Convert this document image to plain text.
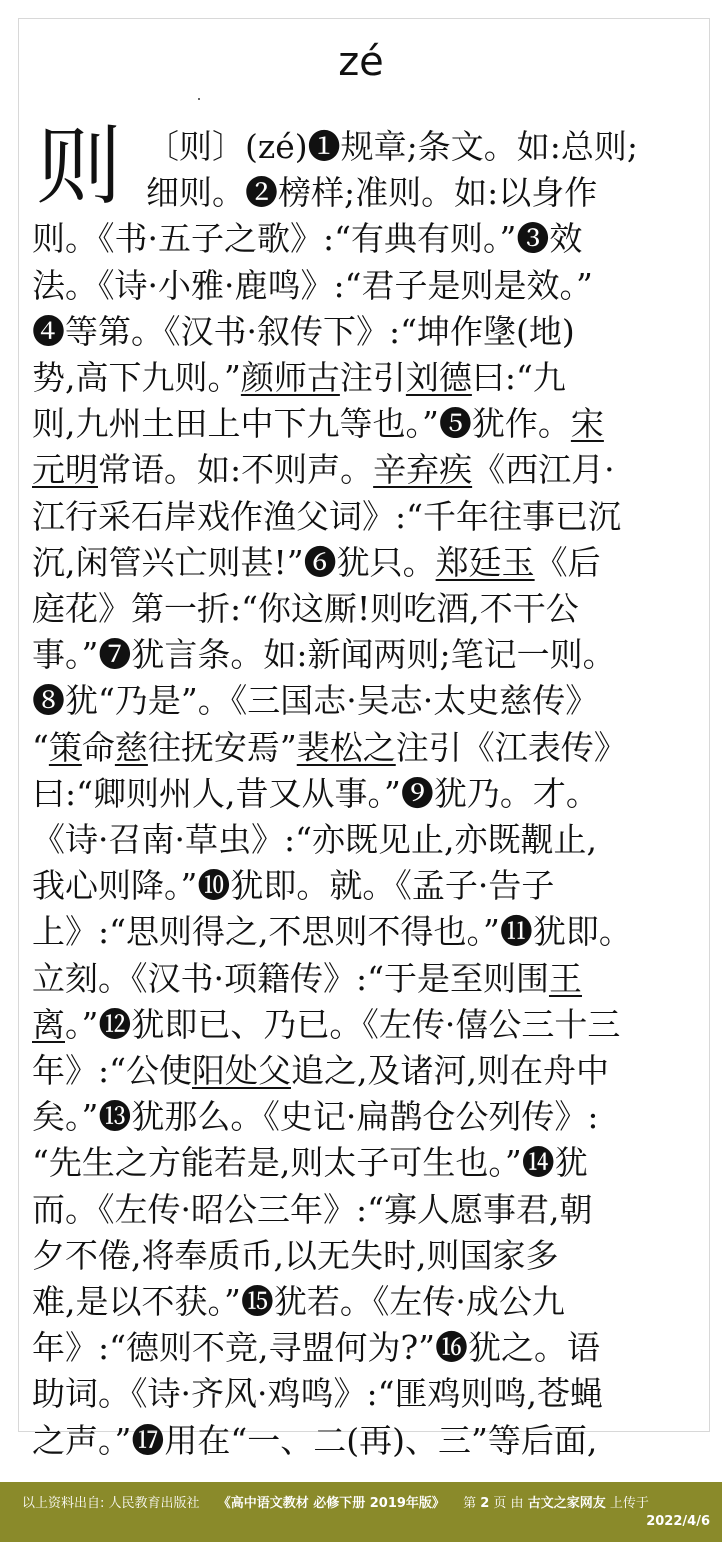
zé
则 〔则〕(zé)❶规章;条文。如:总则;
细则。❷榜样;准则。如:以身作
则。《书·五子之歌》:“有典有则。”❸效
法。《诗·小雅·鹿鸣》:“君子是则是效。”
❹等第。《汉书·叙传下》:“坤作墬(地)
势,高下九则。”颜师古注引刘德曰:“九
则,九州土田上中下九等也。”❺犹作。宋
元明常语。如:不则声。辛弃疾《西江月·
江行采石岸戏作渔父词》:“千年往事已沉
沉,闲管兴亡则甚!”❻犹只。郑廷玉《后
庭花》第一折:“你这厮!则吃酒,不干公
事。”❼犹言条。如:新闻两则;笔记一则。
❽犹“乃是”。《三国志·吴志·太史慈传》
“策命慈往抚安焉”裴松之注引《江表传》
曰:“卿则州人,昔又从事。”❾犹乃。才。
《诗·召南·草虫》:“亦既见止,亦既觏止,
我心则降。”❿犹即。就。《孟子·告子
上》:“思则得之,不思则不得也。”⓫犹即。
立刻。《汉书·项籍传》:“于是至则围王
离。”⓬犹即已、乃已。《左传·僖公三十三
年》:“公使阳处父追之,及诸河,则在舟中
矣。”⓭犹那么。《史记·扁鹊仓公列传》:
“先生之方能若是,则太子可生也。”⓮犹
而。《左传·昭公三年》:“寡人愿事君,朝
夕不倦,将奉质币,以无失时,则国家多
难,是以不获。”⓯犹若。《左传·成公九
年》:“德则不竞,寻盟何为?”⓰犹之。语
助词。《诗·齐风·鸡鸣》:“匪鸡则鸣,苍蝇
之声。”⓱用在“一、二(再)、三”等后面,
以上资料出自: 人民教育出版社 《高中语文教材 必修下册 2019年版》 第 2 页 由 古文之家网友 上传于
2022/4/6
